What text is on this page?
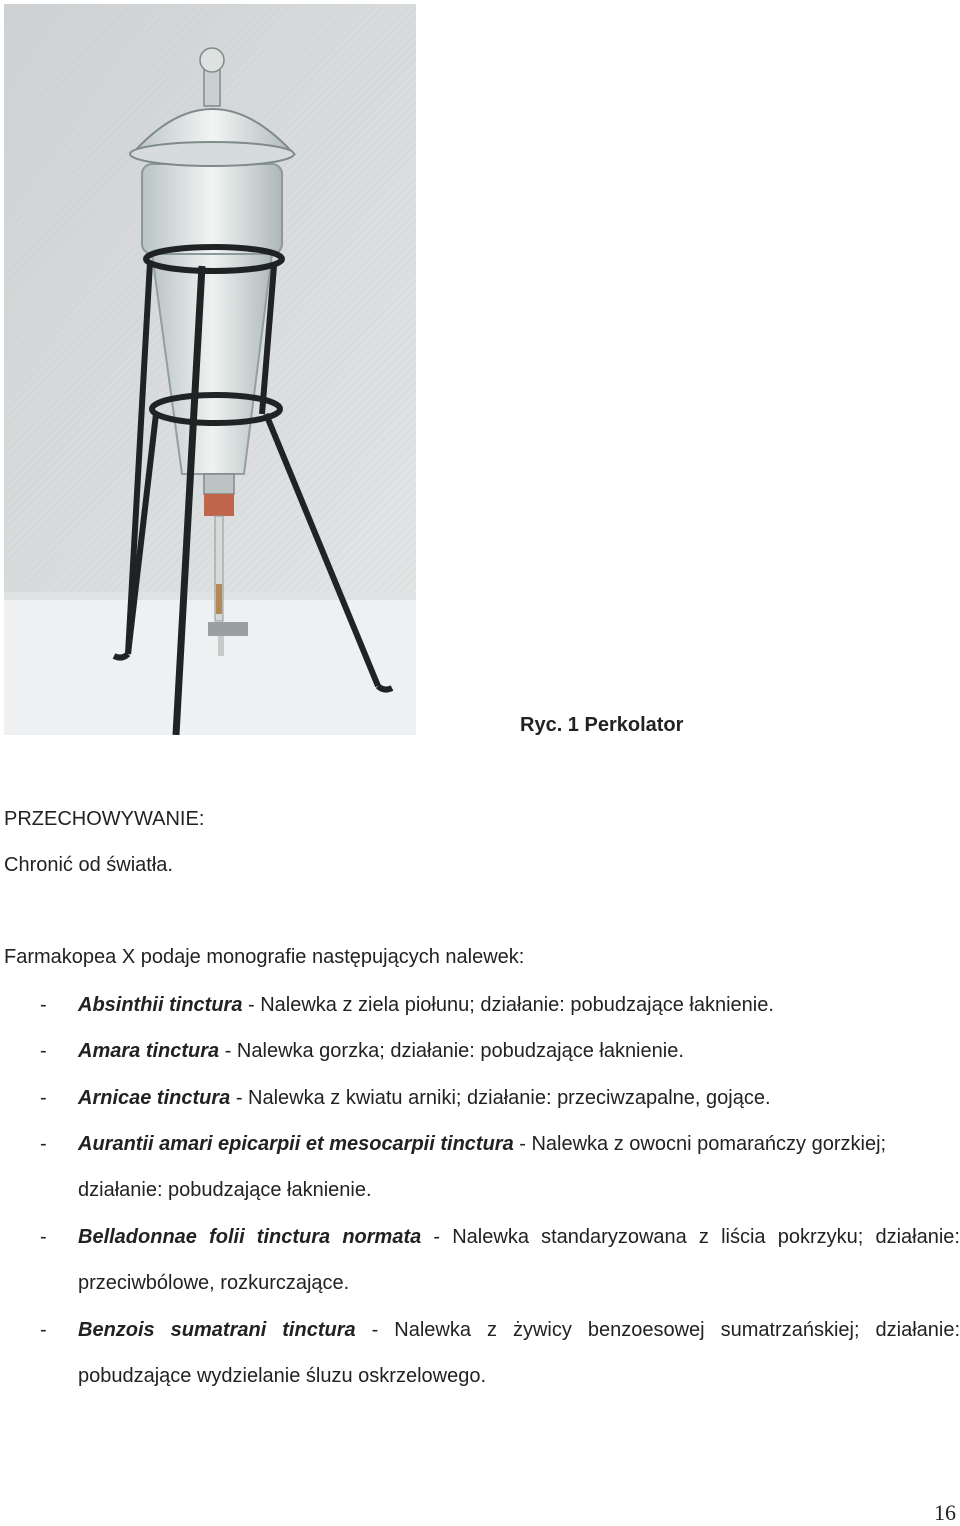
Ryc. 1 Perkolator
PRZECHOWYWANIE:
Chronić od światła.
Farmakopea X podaje monografie następujących nalewek:
- Absinthii tinctura - Nalewka z ziela piołunu; działanie: pobudzające łaknienie.
- Amara tinctura - Nalewka gorzka; działanie: pobudzające łaknienie.
- Arnicae tinctura - Nalewka z kwiatu arniki; działanie: przeciwzapalne, gojące.
- Aurantii amari epicarpii et mesocarpii tinctura - Nalewka z owocni pomarańczy gorzkiej; działanie: pobudzające łaknienie.
- Belladonnae folii tinctura normata - Nalewka standaryzowana z liścia pokrzyku; działanie: przeciwbólowe, rozkurczające.
- Benzois sumatrani tinctura - Nalewka z żywicy benzoesowej sumatrzańskiej; działanie: pobudzające wydzielanie śluzu oskrzelowego.
16
